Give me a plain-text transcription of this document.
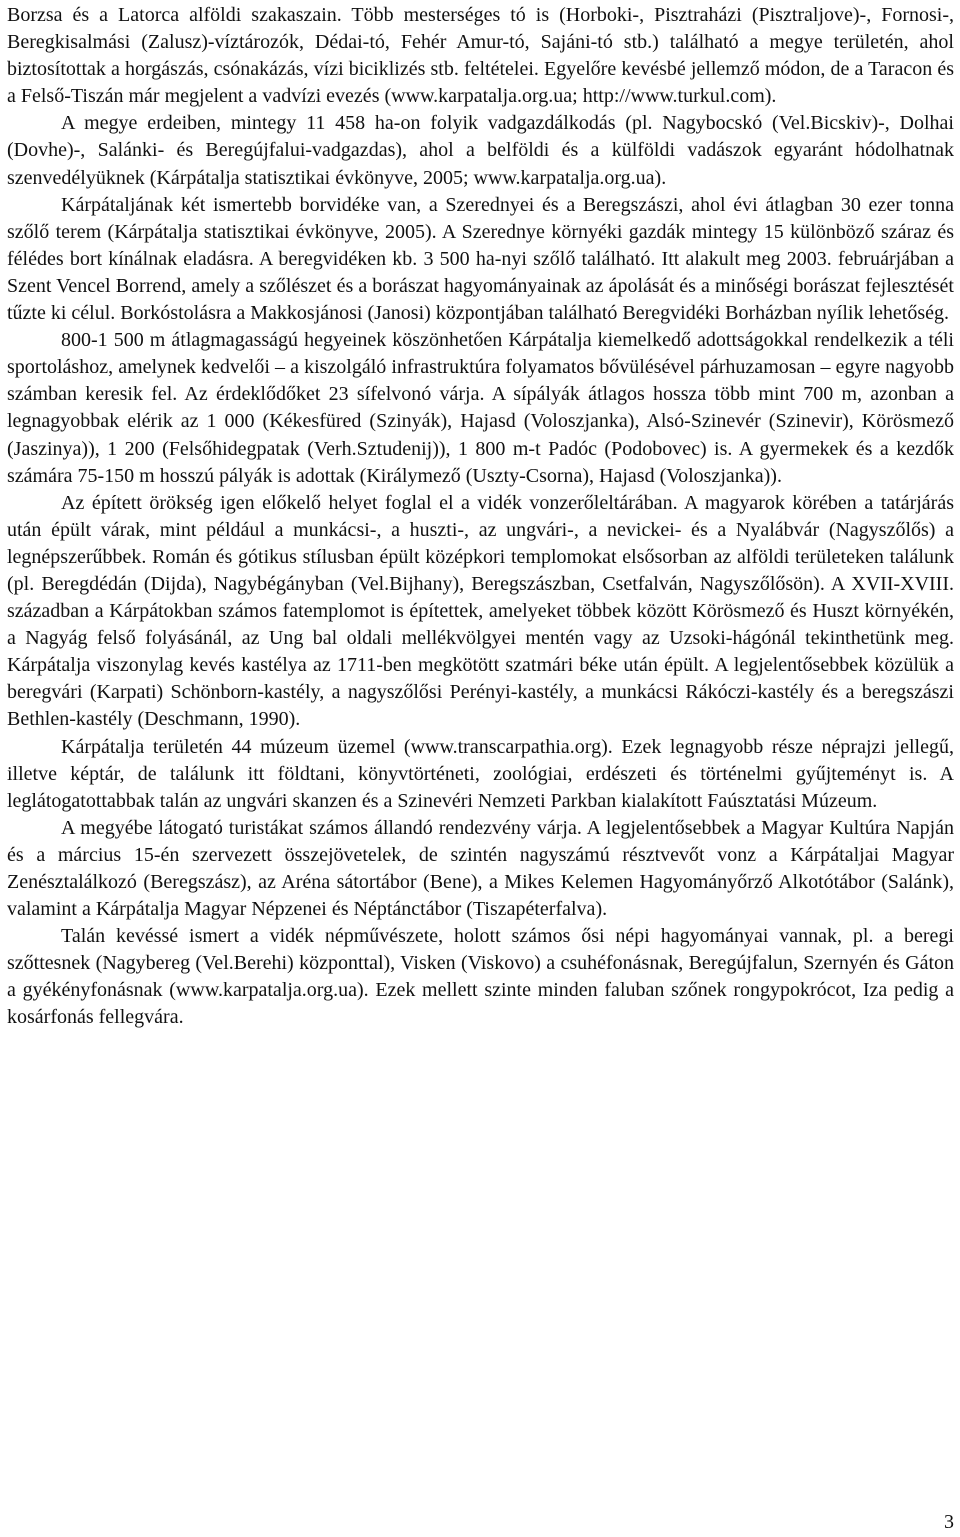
Borzsa és a Latorca alföldi szakaszain. Több mesterséges tó is (Horboki-, Pisztraházi (Pisztraljove)-, Fornosi-, Beregkisalmási (Zalusz)-víztározók, Dédai-tó, Fehér Amur-tó, Sajáni-tó stb.) található a megye területén, ahol biztosítottak a horgászás, csónakázás, vízi biciklizés stb. feltételei. Egyelőre kevésbé jellemző módon, de a Taracon és a Felső-Tiszán már megjelent a vadvízi evezés (www.karpatalja.org.ua; http://www.turkul.com).

A megye erdeiben, mintegy 11 458 ha-on folyik vadgazdálkodás (pl. Nagybocskó (Vel.Bicskiv)-, Dolhai (Dovhe)-, Salánki- és Beregújfalui-vadgazdas), ahol a belföldi és a külföldi vadászok egyaránt hódolhatnak szenvedélyüknek (Kárpátalja statisztikai évkönyve, 2005; www.karpatalja.org.ua).

Kárpátaljának két ismertebb borvidéke van, a Szerednyei és a Beregszászi, ahol évi átlagban 30 ezer tonna szőlő terem (Kárpátalja statisztikai évkönyve, 2005). A Szerednye környéki gazdák mintegy 15 különböző száraz és félédes bort kínálnak eladásra. A beregvidéken kb. 3 500 ha-nyi szőlő található. Itt alakult meg 2003. februárjában a Szent Vencel Borrend, amely a szőlészet és a borászat hagyományainak az ápolását és a minőségi borászat fejlesztését tűzte ki célul. Borkóstolásra a Makkosjánosi (Janosi) központjában található Beregvidéki Borházban nyílik lehetőség.

800-1 500 m átlagmagasságú hegyeinek köszönhetően Kárpátalja kiemelkedő adottságokkal rendelkezik a téli sportoláshoz, amelynek kedvelői – a kiszolgáló infrastruktúra folyamatos bővülésével párhuzamosan – egyre nagyobb számban keresik fel. Az érdeklődőket 23 sífelvonó várja. A sípályák átlagos hossza több mint 700 m, azonban a legnagyobbak elérik az 1 000 (Kékesfüred (Szinyák), Hajasd (Voloszjanka), Alsó-Szinevér (Szinevir), Körösmező (Jaszinya)), 1 200 (Felsőhidegpatak (Verh.Sztudenij)), 1 800 m-t Padóc (Podobovec) is. A gyermekek és a kezdők számára 75-150 m hosszú pályák is adottak (Királymező (Uszty-Csorna), Hajasd (Voloszjanka)).

Az épített örökség igen előkelő helyet foglal el a vidék vonzerőleltárában. A magyarok körében a tatárjárás után épült várak, mint például a munkácsi-, a huszti-, az ungvári-, a nevickei- és a Nyalábvár (Nagyszőlős) a legnépszerűbbek. Román és gótikus stílusban épült középkori templomokat elsősorban az alföldi területeken találunk (pl. Beregdédán (Dijda), Nagybégányban (Vel.Bijhany), Beregszászban, Csetfalván, Nagyszőlősön). A XVII-XVIII. században a Kárpátokban számos fatemplomot is építettek, amelyeket többek között Körösmező és Huszt környékén, a Nagyág felső folyásánál, az Ung bal oldali mellékvölgyei mentén vagy az Uzsoki-hágónál tekinthetünk meg. Kárpátalja viszonylag kevés kastélya az 1711-ben megkötött szatmári béke után épült. A legjelentősebbek közülük a beregvári (Karpati) Schönborn-kastély, a nagyszőlősi Perényi-kastély, a munkácsi Rákóczi-kastély és a beregszászi Bethlen-kastély (Deschmann, 1990).

Kárpátalja területén 44 múzeum üzemel (www.transcarpathia.org). Ezek legnagyobb része néprajzi jellegű, illetve képtár, de találunk itt földtani, könyvtörténeti, zoológiai, erdészeti és történelmi gyűjteményt is. A leglátogatottabbak talán az ungvári skanzen és a Szinevéri Nemzeti Parkban kialakított Faúsztatási Múzeum.

A megyébe látogató turistákat számos állandó rendezvény várja. A legjelentősebbek a Magyar Kultúra Napján és a március 15-én szervezett összejövetelek, de szintén nagyszámú résztvevőt vonz a Kárpátaljai Magyar Zenésztalálkozó (Beregszász), az Aréna sátortábor (Bene), a Mikes Kelemen Hagyományőrző Alkotótábor (Salánk), valamint a Kárpátalja Magyar Népzenei és Néptánctábor (Tiszapéterfalva).

Talán kevéssé ismert a vidék népművészete, holott számos ősi népi hagyományai vannak, pl. a beregi szőttesnek (Nagybereg (Vel.Berehi) központtal), Visken (Viskovo) a csuhéfonásnak, Beregújfalun, Szernyén és Gáton a gyékényfonásnak (www.karpatalja.org.ua). Ezek mellett szinte minden faluban szőnek rongypokrócot, Iza pedig a kosárfonás fellegvára.

3
